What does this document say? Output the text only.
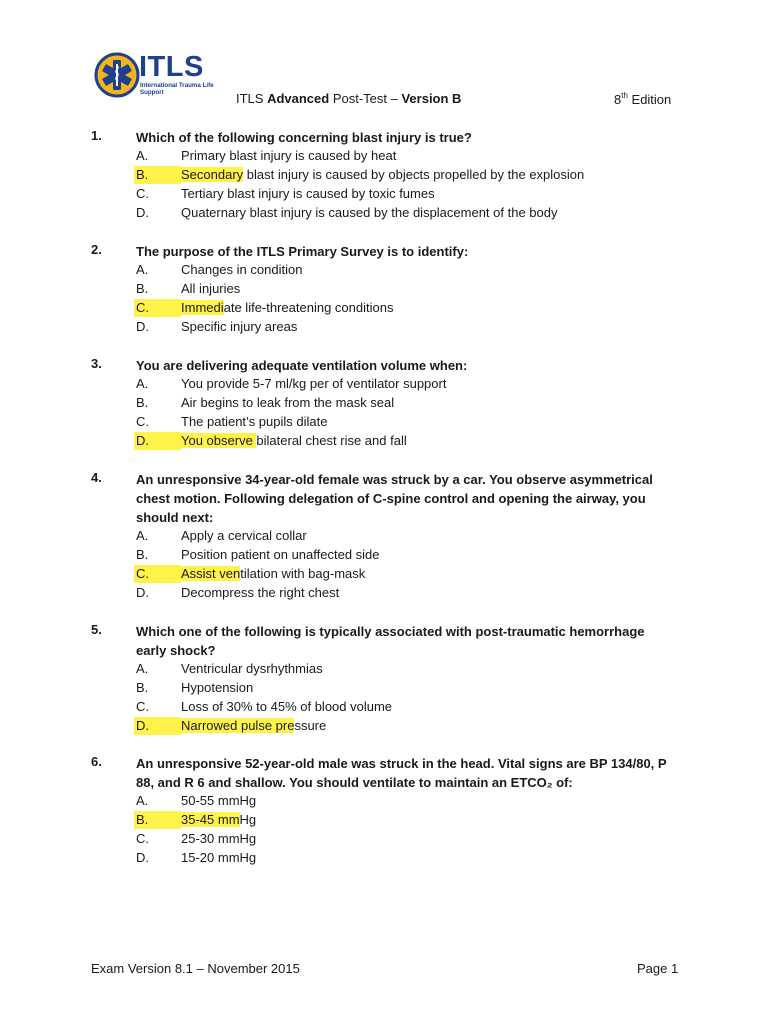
ITLS
International Trauma Life Support	ITLS Advanced Post-Test – Version B	8th Edition
1.	Which of the following concerning blast injury is true?
A.	Primary blast injury is caused by heat
B.	Secondary blast injury is caused by objects propelled by the explosion
C. Tertiary blast injury is caused by toxic fumes
D. Quaternary blast injury is caused by the displacement of the body
2.	The purpose of the ITLS Primary Survey is to identify:
A.	Changes in condition
B.	All injuries
C. Immediate life-threatening conditions
D. Specific injury areas
3.	You are delivering adequate ventilation volume when:
A.	You provide 5-7 ml/kg per of ventilator support
B.	Air begins to leak from the mask seal
C. The patient’s pupils dilate
D. You observe bilateral chest rise and fall
4.	An unresponsive 34-year-old female was struck by a car. You observe asymmetrical chest motion. Following delegation of C-spine control and opening the airway, you should next:
A.	Apply a cervical collar
B.	Position patient on unaffected side
C. Assist ventilation with bag-mask
D. Decompress the right chest
5.	Which one of the following is typically associated with post-traumatic hemorrhage early shock?
A.	Ventricular dysrhythmias
B.	Hypotension
C. Loss of 30% to 45% of blood volume
D. Narrowed pulse pressure
6.	An unresponsive 52-year-old male was struck in the head. Vital signs are BP 134/80, P 88, and R 6 and shallow. You should ventilate to maintain an ETCO₂ of:
A.	50-55 mmHg
B.	35-45 mmHg
C. 25-30 mmHg
D. 15-20 mmHg
Exam Version 8.1 – November 2015	Page 1
